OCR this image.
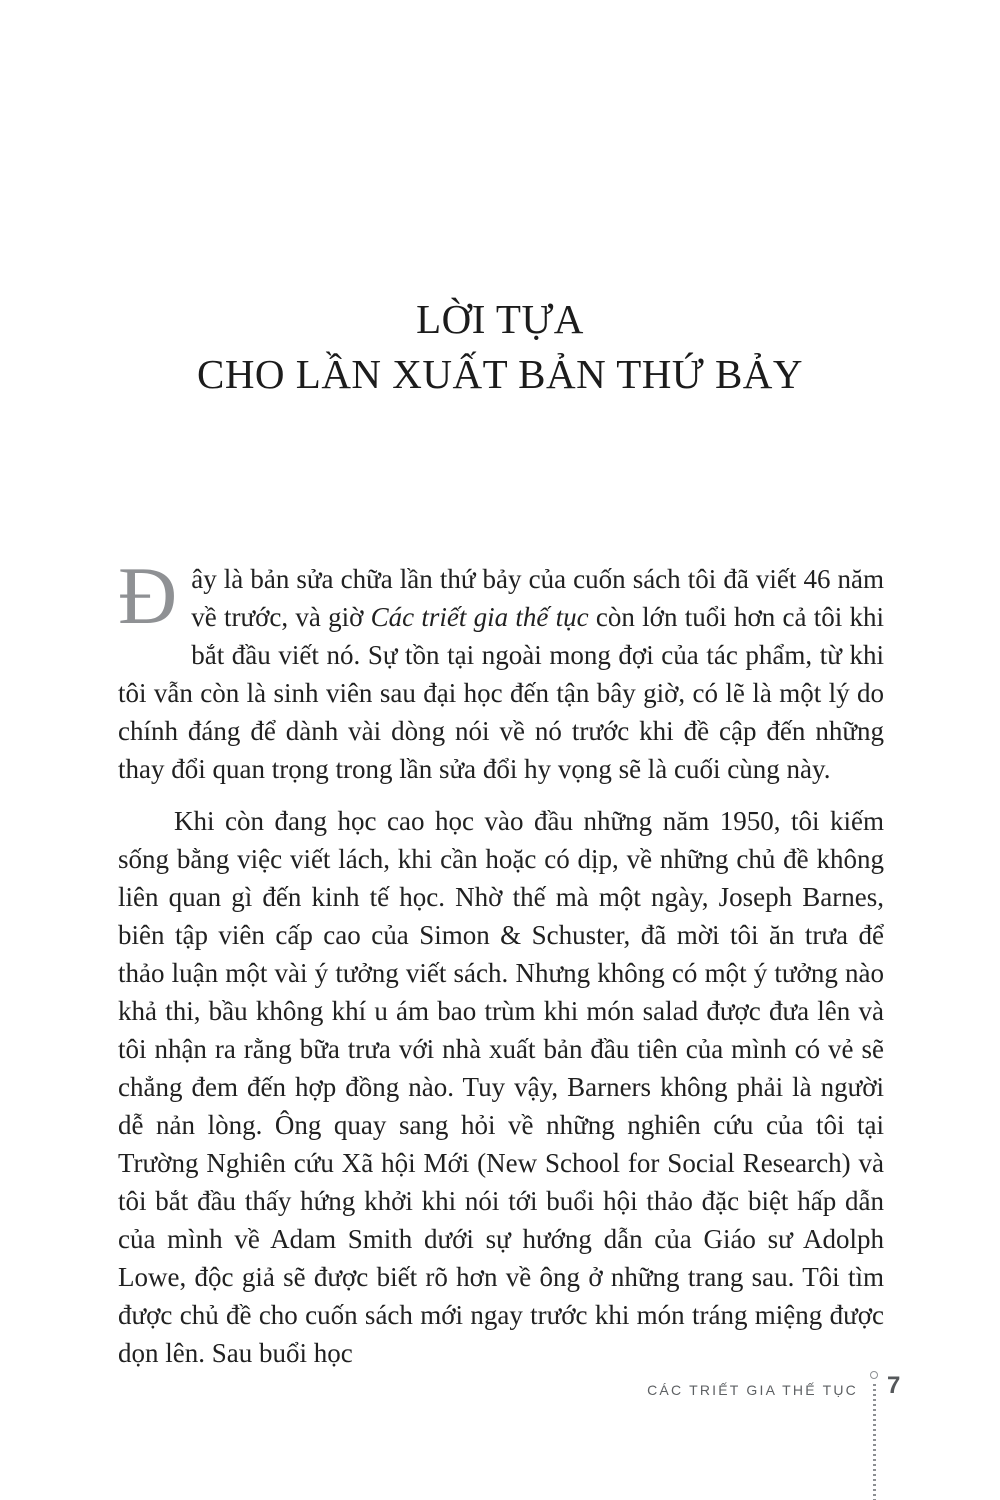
LỜI TỰA
CHO LẦN XUẤT BẢN THỨ BẢY

Đ ây là bản sửa chữa lần thứ bảy của cuốn sách tôi đã viết 46 năm về trước, và giờ Các triết gia thế tục còn lớn tuổi hơn cả tôi khi bắt đầu viết nó. Sự tồn tại ngoài mong đợi của tác phẩm, từ khi tôi vẫn còn là sinh viên sau đại học đến tận bây giờ, có lẽ là một lý do chính đáng để dành vài dòng nói về nó trước khi đề cập đến những thay đổi quan trọng trong lần sửa đổi hy vọng sẽ là cuối cùng này.

Khi còn đang học cao học vào đầu những năm 1950, tôi kiếm sống bằng việc viết lách, khi cần hoặc có dịp, về những chủ đề không liên quan gì đến kinh tế học. Nhờ thế mà một ngày, Joseph Barnes, biên tập viên cấp cao của Simon & Schuster, đã mời tôi ăn trưa để thảo luận một vài ý tưởng viết sách. Nhưng không có một ý tưởng nào khả thi, bầu không khí u ám bao trùm khi món salad được đưa lên và tôi nhận ra rằng bữa trưa với nhà xuất bản đầu tiên của mình có vẻ sẽ chẳng đem đến hợp đồng nào. Tuy vậy, Barners không phải là người dễ nản lòng. Ông quay sang hỏi về những nghiên cứu của tôi tại Trường Nghiên cứu Xã hội Mới (New School for Social Research) và tôi bắt đầu thấy hứng khởi khi nói tới buổi hội thảo đặc biệt hấp dẫn của mình về Adam Smith dưới sự hướng dẫn của Giáo sư Adolph Lowe, độc giả sẽ được biết rõ hơn về ông ở những trang sau. Tôi tìm được chủ đề cho cuốn sách mới ngay trước khi món tráng miệng được dọn lên. Sau buổi học

CÁC TRIẾT GIA THẾ TỤC 7
